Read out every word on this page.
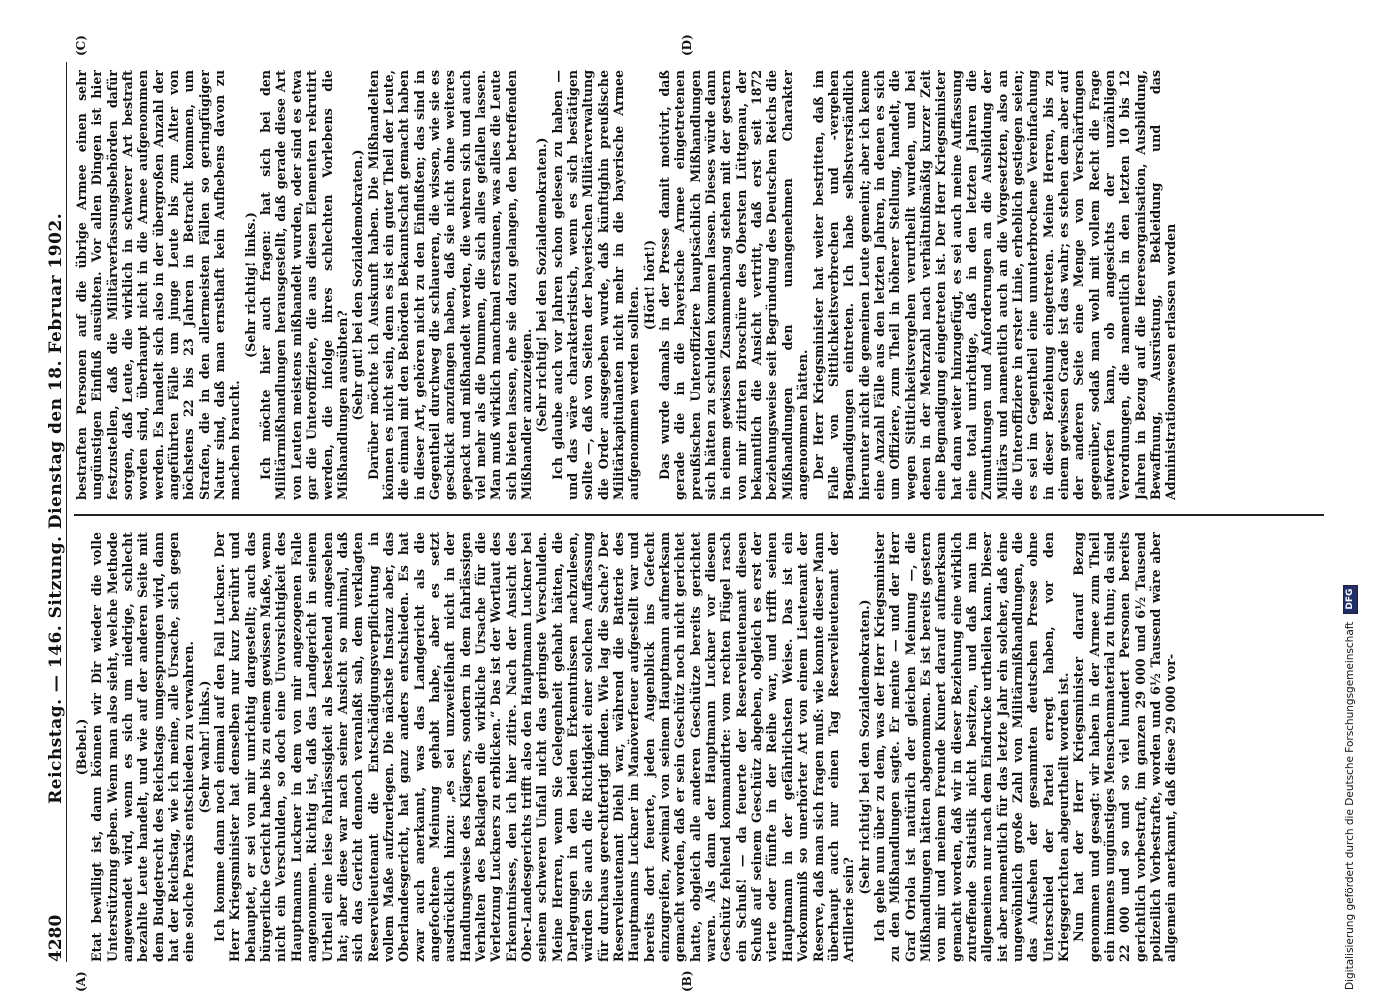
4280
Reichstag. — 146. Sitzung. Dienstag den 18. Februar 1902. (Bebel.) Etat bewilligt ist, dann können wir Dir wieder die volle Unterstützung geben. Wenn man also sieht, welche Methode angewendet wird, wenn es sich um niedrige, schlecht bezahlte Leute handelt, und wie auf der anderen Seite mit dem Budgetrecht des Reichstags umgesprungen wird, dann hat der Reichstag, wie ich meine, alle Ursache, sich gegen eine solche Praxis entschieden zu verwahren. (Sehr wahr! links.) Ich komme dann noch einmal auf den Fall Luckner. Der Herr Kriegsminister hat denselben nur kurz berührt und behauptet, er sei von mir unrichtig dargestellt; auch das bürgerliche Gericht habe bis zu einem gewissen Maße, wenn nicht ein Verschulden, so doch eine Unvorsichtigkeit des Hauptmanns Luckner in dem von mir angezogenen Falle angenommen. Richtig ist, daß das Landgericht in seinem Urtheil eine leise Fahrlässigkeit als bestehend angesehen hat; aber diese war nach seiner Ansicht so minimal, daß sich das Gericht dennoch veranlaßt sah, dem verklagten Reservelieutenant die Entschädigungsverpflichtung in vollem Maße aufzuerlegen. Die nächste Instanz aber, das Oberlandesgericht, hat ganz anders entschieden. Es hat zwar auch anerkannt, was das Landgericht als die angefochtene Meinung gehabt habe, aber es setzt ausdrücklich hinzu: „es sei unzweifelhaft nicht in der Handlungsweise des Klägers, sondern in dem fahrlässigen Verhalten des Beklagten die wirkliche Ursache für die Verletzung Luckners zu erblicken.“ Das ist der Wortlaut des Erkenntnisses, den ich hier zitire. Nach der Ansicht des Ober-Landesgerichts trifft also den Hauptmann Luckner bei seinem schweren Unfall nicht das geringste Verschulden. Meine Herren, wenn Sie Gelegenheit gehabt hätten, die Darlegungen in den beiden Erkenntnissen nachzulesen, würden Sie auch die Richtigkeit einer solchen Auffassung für durchaus gerechtfertigt finden. Wie lag die Sache? Der Reservelieutenant Diehl war, während die Batterie des Hauptmanns Luckner im Manöverfeuer aufgestellt war und bereits dort feuerte, jeden Augenblick ins Gefecht einzugreifen, zweimal von seinem Hauptmann aufmerksam gemacht worden, daß er sein Geschütz noch nicht gerichtet hatte, obgleich alle anderen Geschütze bereits gerichtet waren. Als dann der Hauptmann Luckner vor diesem Geschütz fehlend kommandirte: vom rechten Flügel rasch ein Schuß! — da feuerte der Reservelieutenant diesen Schuß auf seinem Geschütz abgeben, obgleich es erst der vierte oder fünfte in der Reihe war, und trifft seinen Hauptmann in der gefährlichsten Weise. Das ist ein Vorkommniß so unerhörter Art von einem Lieutenant der Reserve, daß man sich fragen muß: wie konnte dieser Mann überhaupt auch nur einen Tag Reservelieutenant der Artillerie sein?

(Sehr richtig! bei den Sozialdemokraten.) Ich gehe nun über zu dem, was der Herr Kriegsminister zu den Mißhandlungen sagte. Er meinte — und der Herr Graf Oriola ist natürlich der gleichen Meinung —, die Mißhandlungen hätten abgenommen. Es ist bereits gestern von mir und meinem Freunde Kunert darauf aufmerksam gemacht worden, daß wir in dieser Beziehung eine wirklich zutreffende Statistik nicht besitzen, und daß man im allgemeinen nur nach dem Eindrucke urtheilen kann. Dieser ist aber namentlich für das letzte Jahr ein solcher, daß eine ungewöhnlich große Zahl von Militärmißhandlungen, die das Aufsehen der gesammten deutschen Presse ohne Unterschied der Partei erregt haben, vor den Kriegsgerichten abgeurtheilt worden ist. Nun hat der Herr Kriegsminister darauf Bezug genommen und gesagt: wir haben in der Armee zum Theil ein immens ungünstiges Menschenmaterial zu thun; da sind 22 000 und so und so viel hundert Personen bereits gerichtlich vorbestraft, im ganzen 29 000 und 6½ Tausend polizeilich Vorbestrafte, worden und 6½ Tausend wäre aber allgemein anerkannt, daß diese 29 000 vor-

bestraften Personen auf die übrige Armee einen sehr ungünstigen Einfluß ausübten. Vor allen Dingen ist hier festzustellen, daß die Militärverfassungsbehörden dafür sorgen, daß Leute, die wirklich in schwerer Art bestraft worden sind, überhaupt nicht in die Armee aufgenommen werden. Es handelt sich also in der übergroßen Anzahl der angeführten Fälle um junge Leute bis zum Alter von höchstens 22 bis 23 Jahren in Betracht kommen, um Strafen, die in den allermeisten Fällen so geringfügiger Natur sind, daß man ernsthaft kein Aufhebens davon zu machen braucht.

(Sehr richtig! links.) Ich möchte hier auch fragen: hat sich bei den Militärmißhandlungen herausgestellt, daß gerade diese Art von Leuten meistens mißhandelt wurden, oder sind es etwa gar die Unteroffiziere, die aus diesen Elementen rekrutirt werden, die infolge ihres schlechten Vorlebens die Mißhandlungen ausübten? (Sehr gut! bei den Sozialdemokraten.) Darüber möchte ich Auskunft haben. Die Mißhandelten können es nicht sein, denn es ist ein guter Theil der Leute, die einmal mit den Behörden Bekanntschaft gemacht haben in dieser Art, gehören nicht zu den Einflußten; das sind in Gegentheil durchweg die schlaueren, die wissen, wie sie es geschickt anzufangen haben, daß sie nicht ohne weiteres gepackt und mißhandelt werden, die wehren sich und auch viel mehr als die Dummen, die sich alles gefallen lassen. Man muß wirklich manchmal erstaunen, was alles die Leute sich bieten lassen, ehe sie dazu gelangen, den betreffenden Mißhandler anzuzeigen. (Sehr richtig! bei den Sozialdemokraten.) Ich glaube auch vor Jahren schon gelesen zu haben — und das wäre charakteristisch, wenn es sich bestätigen sollte —, daß von Seiten der bayerischen Militärverwaltung die Order ausgegeben wurde, daß künftighin preußische Militärkapitulanten nicht mehr in die bayerische Armee aufgenommen werden sollten.

(Hört! hört!) Das wurde damals in der Presse damit motivirt, daß gerade die in die bayerische Armee eingetretenen preußischen Unteroffiziere hauptsächlich Mißhandlungen sich hätten zu schulden kommen lassen. Dieses würde dann in einem gewissen Zusammenhang stehen mit der gestern von mir zitirten Broschüre des Obersten Lüttgenau, der bekanntlich die Ansicht vertritt, daß erst seit 1872 beziehungsweise seit Begründung des Deutschen Reichs die Mißhandlungen den unangenehmen Charakter angenommen hätten. Der Herr Kriegsminister hat weiter bestritten, daß im Falle von Sittlichkeitsverbrechen und -vergehen Begnadigungen eintreten. Ich habe selbstverständlich hierunter nicht die gemeinen Leute gemeint; aber ich kenne eine Anzahl Fälle aus den letzten Jahren, in denen es sich um Offiziere, zum Theil in höherer Stellung, handelt, die wegen Sittlichkeitsvergehen verurtheilt wurden, und bei denen in der Mehrzahl nach verhältnißmäßig kurzer Zeit eine Begnadigung eingetreten ist. Der Herr Kriegsminister hat dann weiter hinzugefügt, es sei auch meine Auffassung eine total unrichtige, daß in den letzten Jahren die Zumuthungen und Anforderungen an die Ausbildung der Militärs und namentlich auch an die Vorgesetzten, also an die Unteroffiziere in erster Linie, erheblich gestiegen seien; es sei im Gegentheil eine ununterbrochene Vereinfachung in dieser Beziehung eingetreten. Meine Herren, bis zu einem gewissen Grade ist das wahr; es stehen dem aber auf der anderen Seite eine Menge von Verschärfungen gegenüber, sodaß man wohl mit vollem Recht die Frage aufwerfen kann, ob angesichts der unzähligen Verordnungen, die namentlich in den letzten 10 bis 12 Jahren in Bezug auf die Heeresorganisation, Ausbildung, Bewaffnung, Ausrüstung, Bekleidung und das Administrationswesen erlassen worden

(A)	(B)
(C)	(D)
Digitalisierung gefördert durch die Deutsche Forschungsgemeinschaft
DFG
